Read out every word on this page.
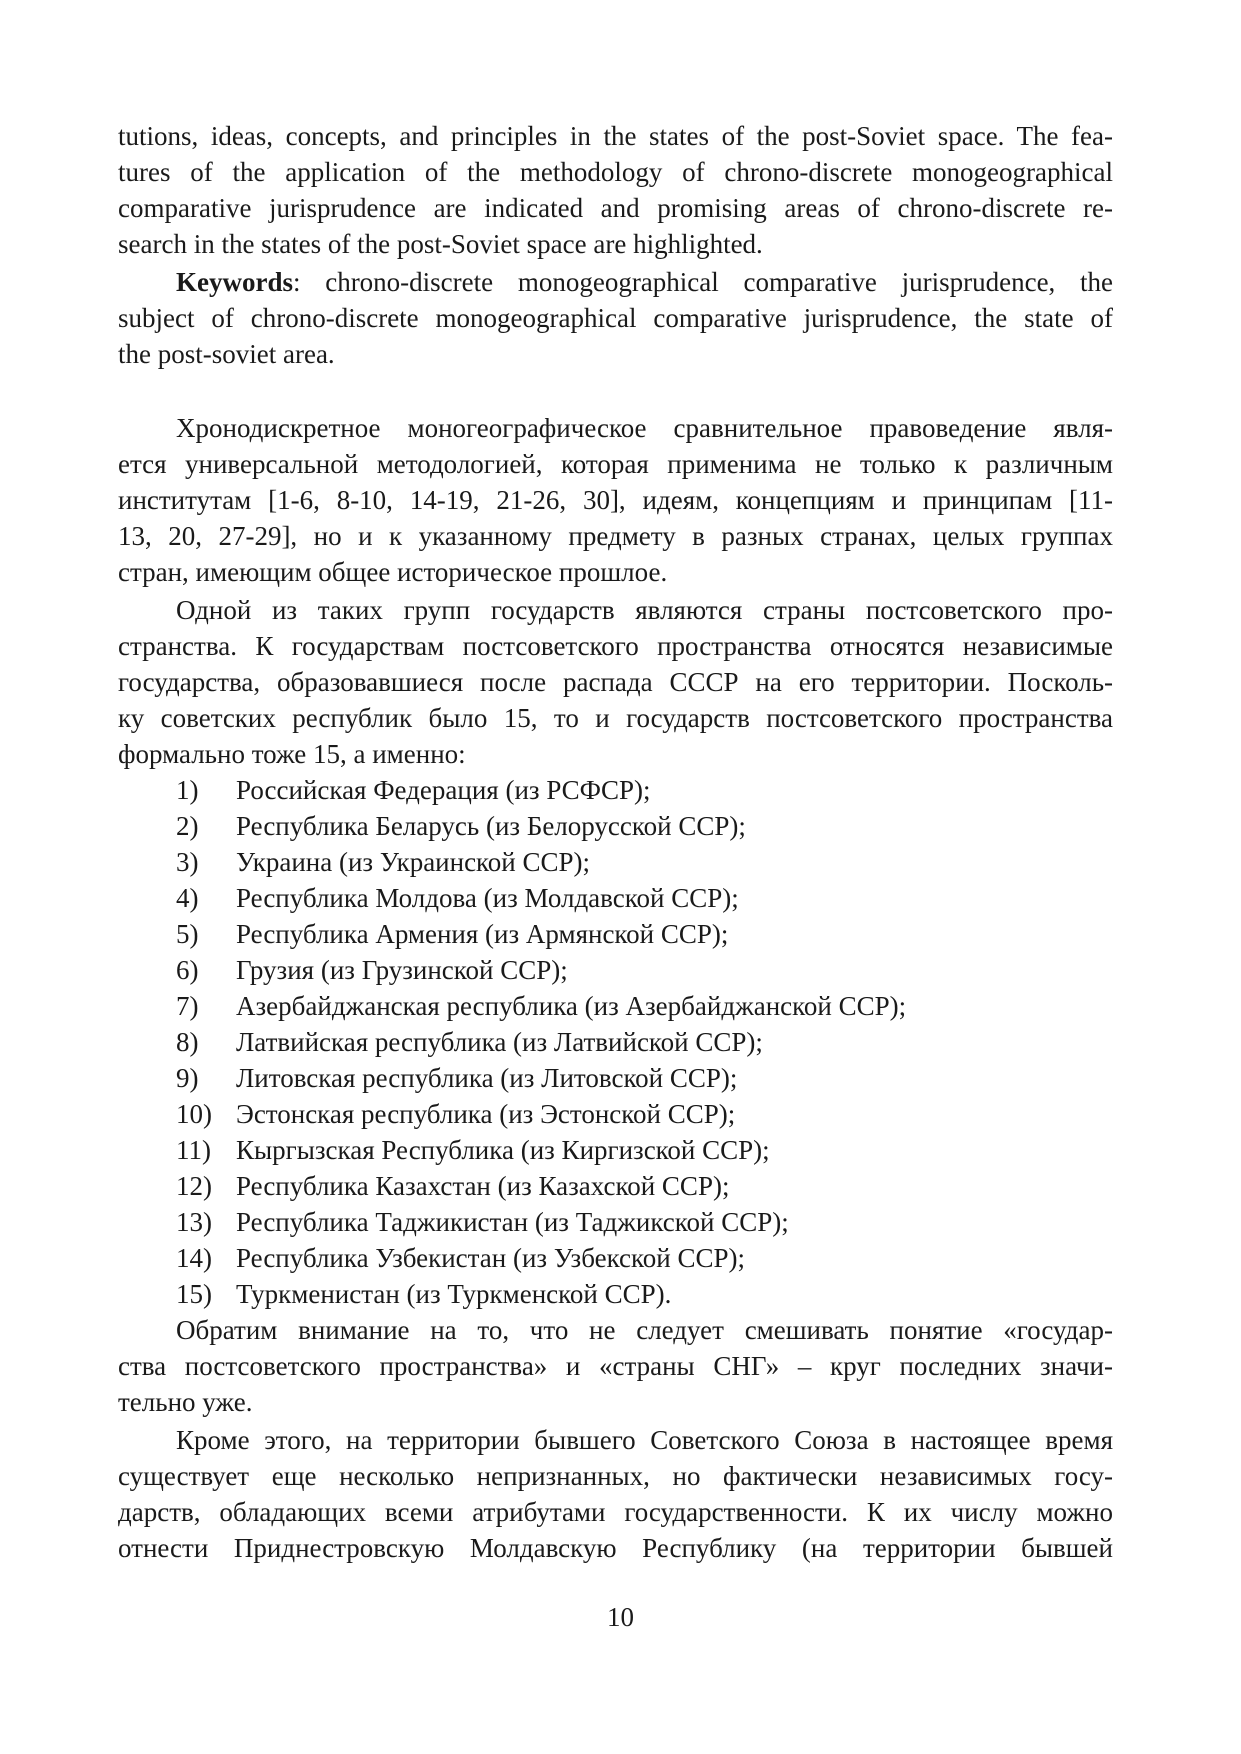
tutions, ideas, concepts, and principles in the states of the post-Soviet space. The fea-
tures of the application of the methodology of chrono-discrete monogeographical
comparative jurisprudence are indicated and promising areas of chrono-discrete re-
search in the states of the post-Soviet space are highlighted.
Keywords: chrono-discrete monogeographical comparative jurisprudence, the
subject of chrono-discrete monogeographical comparative jurisprudence, the state of
the post-soviet area.
Хронодискретное моногеографическое сравнительное правоведение явля-
ется универсальной методологией, которая применима не только к различным
институтам [1-6, 8-10, 14-19, 21-26, 30], идеям, концепциям и принципам [11-
13, 20, 27-29], но и к указанному предмету в разных странах, целых группах
стран, имеющим общее историческое прошлое.
Одной из таких групп государств являются страны постсоветского про-
странства. К государствам постсоветского пространства относятся независимые
государства, образовавшиеся после распада СССР на его территории. Посколь-
ку советских республик было 15, то и государств постсоветского пространства
формально тоже 15, а именно:
1) Российская Федерация (из РСФСР);
2) Республика Беларусь (из Белорусской ССР);
3) Украина (из Украинской ССР);
4) Республика Молдова (из Молдавской ССР);
5) Республика Армения (из Армянской ССР);
6) Грузия (из Грузинской ССР);
7) Азербайджанская республика (из Азербайджанской ССР);
8) Латвийская республика (из Латвийской ССР);
9) Литовская республика (из Литовской ССР);
10) Эстонская республика (из Эстонской ССР);
11) Кыргызская Республика (из Киргизской ССР);
12) Республика Казахстан (из Казахской ССР);
13) Республика Таджикистан (из Таджикской ССР);
14) Республика Узбекистан (из Узбекской ССР);
15) Туркменистан (из Туркменской ССР).
Обратим внимание на то, что не следует смешивать понятие «государ-
ства постсоветского пространства» и «страны СНГ» – круг последних значи-
тельно уже.
Кроме этого, на территории бывшего Советского Союза в настоящее время
существует еще несколько непризнанных, но фактически независимых госу-
дарств, обладающих всеми атрибутами государственности. К их числу можно
отнести Приднестровскую Молдавскую Республику (на территории бывшей
10
